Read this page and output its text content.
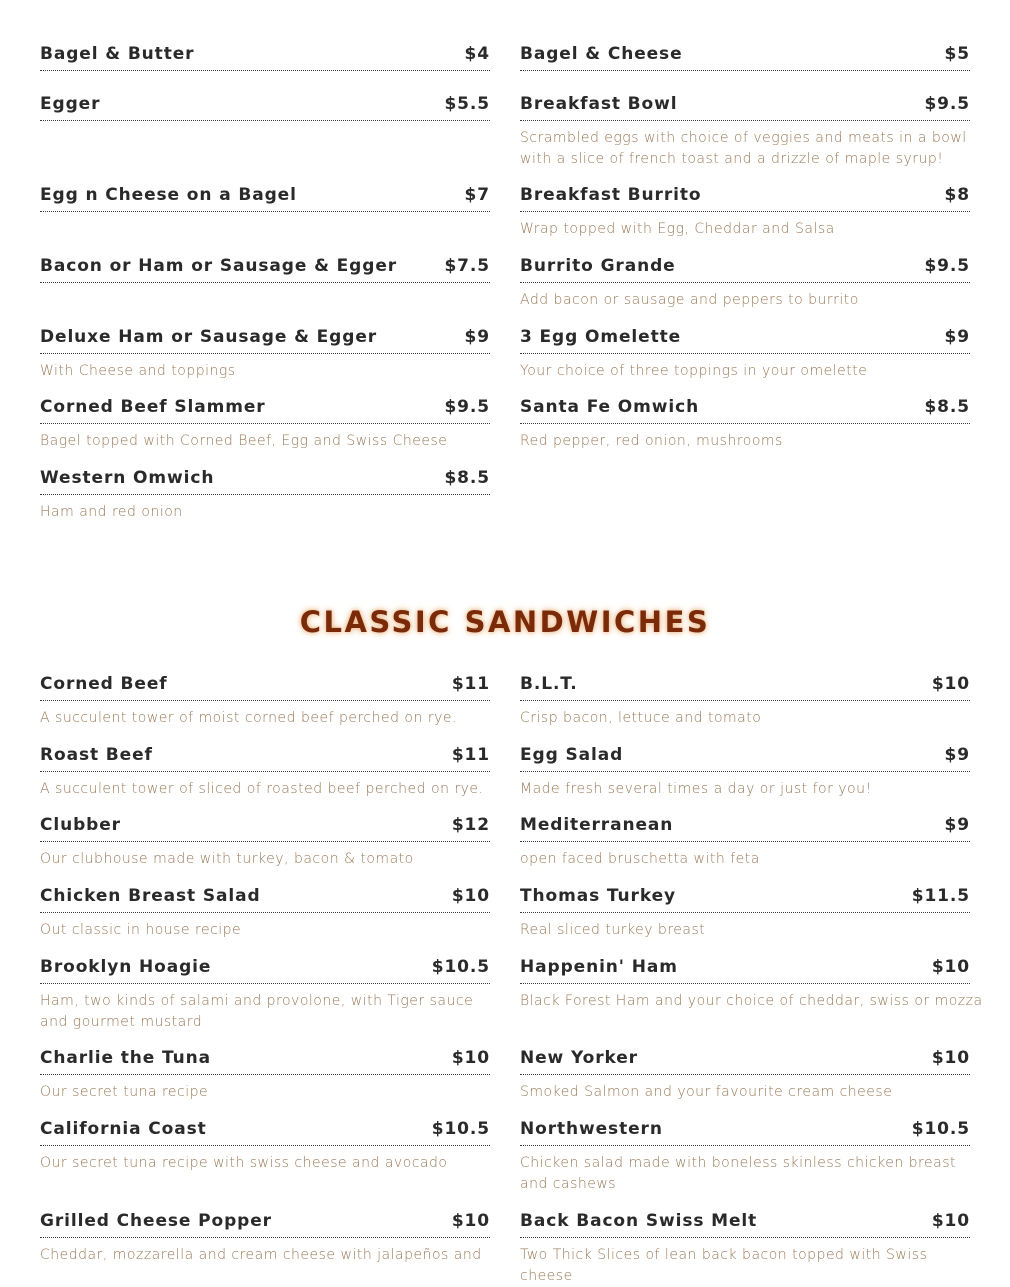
Bagel & Butter	$4
Egger	$5.5
Egg n Cheese on a Bagel	$7
Bacon or Ham or Sausage & Egger	$7.5
Deluxe Ham or Sausage & Egger	$9
With Cheese and toppings
Corned Beef Slammer	$9.5
Bagel topped with Corned Beef, Egg and Swiss Cheese
Western Omwich	$8.5
Ham and red onion
Bagel & Cheese	$5
Breakfast Bowl	$9.5
Scrambled eggs with choice of veggies and meats in a bowl with a slice of french toast and a drizzle of maple syrup!
Breakfast Burrito	$8
Wrap topped with Egg, Cheddar and Salsa
Burrito Grande	$9.5
Add bacon or sausage and peppers to burrito
3 Egg Omelette	$9
Your choice of three toppings in your omelette
Santa Fe Omwich	$8.5
Red pepper, red onion, mushrooms
CLASSIC SANDWICHES
Corned Beef	$11
A succulent tower of moist corned beef perched on rye.
Roast Beef	$11
A succulent tower of sliced of roasted beef perched on rye.
Clubber	$12
Our clubhouse made with turkey, bacon & tomato
Chicken Breast Salad	$10
Out classic in house recipe
Brooklyn Hoagie	$10.5
Ham, two kinds of salami and provolone, with Tiger sauce and gourmet mustard
Charlie the Tuna	$10
Our secret tuna recipe
California Coast	$10.5
Our secret tuna recipe with swiss cheese and avocado
Grilled Cheese Popper	$10
Cheddar, mozzarella and cream cheese with jalapeños and
B.L.T.	$10
Crisp bacon, lettuce and tomato
Egg Salad	$9
Made fresh several times a day or just for you!
Mediterranean	$9
open faced bruschetta with feta
Thomas Turkey	$11.5
Real sliced turkey breast
Happenin' Ham	$10
Black Forest Ham and your choice of cheddar, swiss or mozza
New Yorker	$10
Smoked Salmon and your favourite cream cheese
Northwestern	$10.5
Chicken salad made with boneless skinless chicken breast and cashews
Back Bacon Swiss Melt	$10
Two Thick Slices of lean back bacon topped with Swiss cheese
